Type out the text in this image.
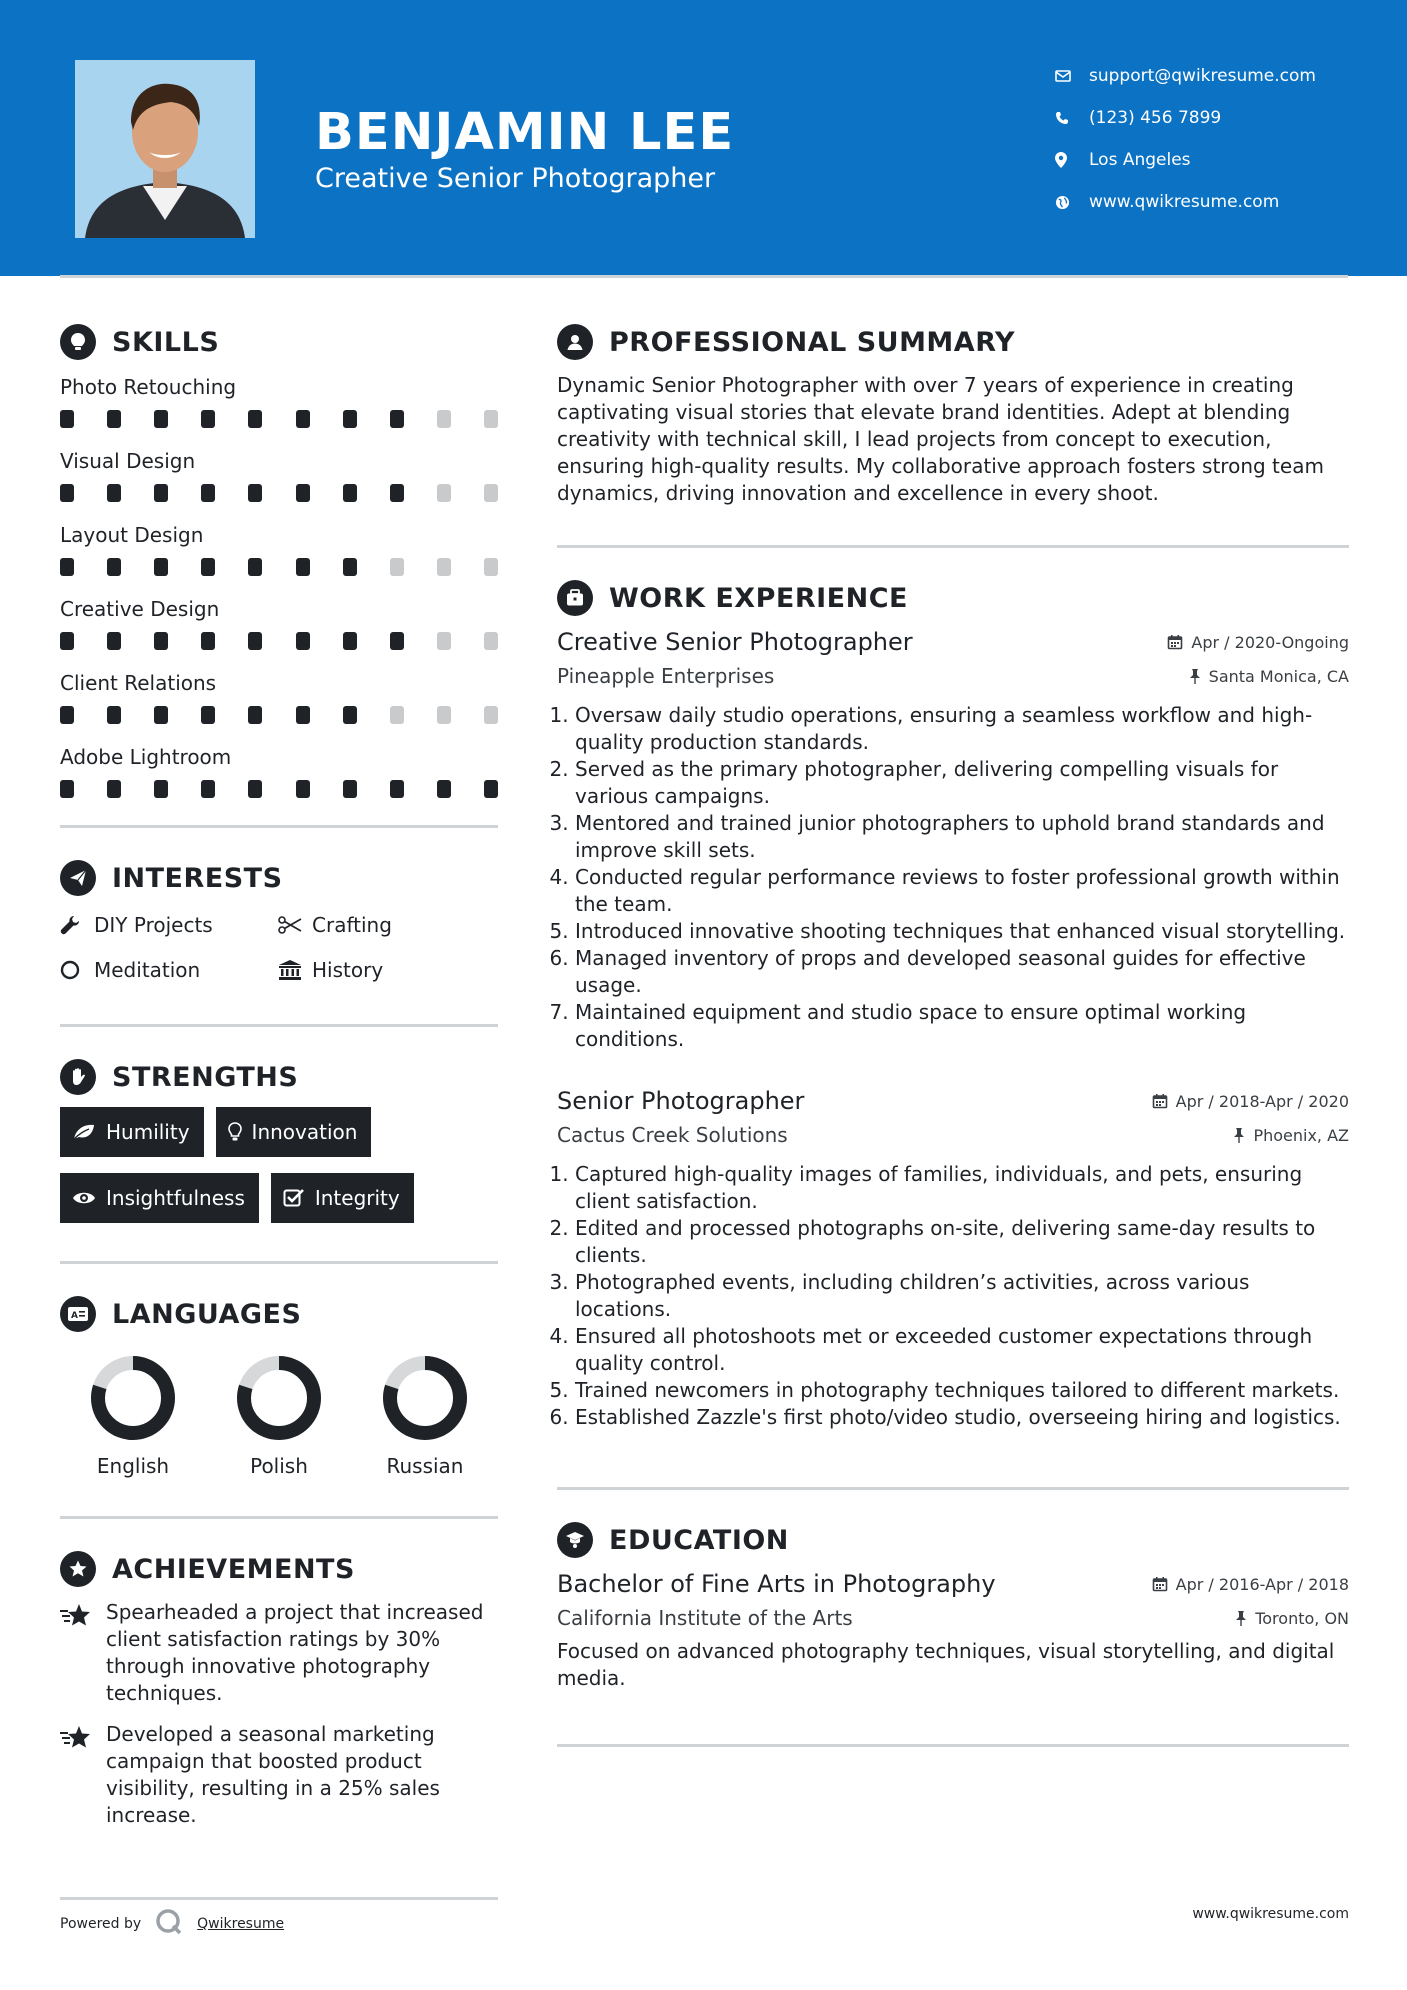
BENJAMIN LEE
Creative Senior Photographer
support@qwikresume.com
(123) 456 7899
Los Angeles
www.qwikresume.com
SKILLS
Photo Retouching
Visual Design
Layout Design
Creative Design
Client Relations
Adobe Lightroom
INTERESTS
DIY Projects	Crafting
Meditation	History
STRENGTHS
Humility	Innovation
Insightfulness	Integrity
A LANGUAGES
English	Polish	Russian
ACHIEVEMENTS
Spearheaded a project that increased client satisfaction ratings by 30% through innovative photography techniques.
Developed a seasonal marketing campaign that boosted product visibility, resulting in a 25% sales increase.
PROFESSIONAL SUMMARY

Dynamic Senior Photographer with over 7 years of experience in creating captivating visual stories that elevate brand identities. Adept at blending creativity with technical skill, I lead projects from concept to execution, ensuring high-quality results. My collaborative approach fosters strong team dynamics, driving innovation and excellence in every shoot.

WORK EXPERIENCE
Creative Senior Photographer	Apr / 2020-Ongoing
Pineapple Enterprises	Santa Monica, CA
1. Oversaw daily studio operations, ensuring a seamless workflow and high-quality production standards.
2. Served as the primary photographer, delivering compelling visuals for various campaigns.
3. Mentored and trained junior photographers to uphold brand standards and improve skill sets.
4. Conducted regular performance reviews to foster professional growth within the team.
5. Introduced innovative shooting techniques that enhanced visual storytelling.
6. Managed inventory of props and developed seasonal guides for effective usage.
7. Maintained equipment and studio space to ensure optimal working conditions.
Senior Photographer	Apr / 2018-Apr / 2020
Cactus Creek Solutions	Phoenix, AZ
1. Captured high-quality images of families, individuals, and pets, ensuring client satisfaction.
2. Edited and processed photographs on-site, delivering same-day results to clients.
3. Photographed events, including children’s activities, across various locations.
4. Ensured all photoshoots met or exceeded customer expectations through quality control.
5. Trained newcomers in photography techniques tailored to different markets.
6. Established Zazzle's first photo/video studio, overseeing hiring and logistics.
EDUCATION
Bachelor of Fine Arts in Photography	Apr / 2016-Apr / 2018
California Institute of the Arts	Toronto, ON

Focused on advanced photography techniques, visual storytelling, and digital media.

Powered by	Qwikresume
www.qwikresume.com
